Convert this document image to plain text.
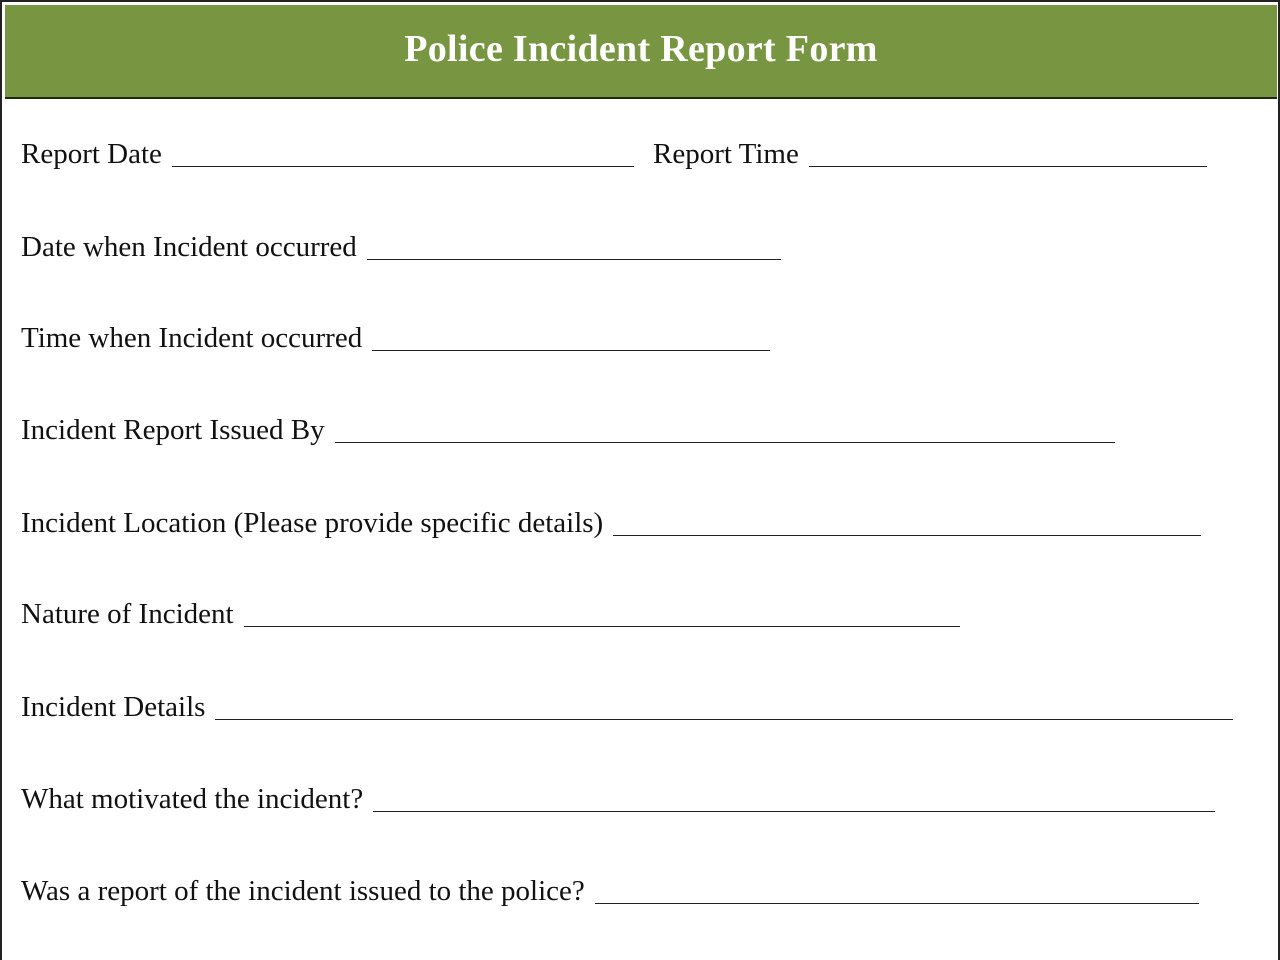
Police Incident Report Form
Report Date	Report Time
Date when Incident occurred
Time when Incident occurred
Incident Report Issued By
Incident Location (Please provide specific details)
Nature of Incident
Incident Details
What motivated the incident?
Was a report of the incident issued to the police?
